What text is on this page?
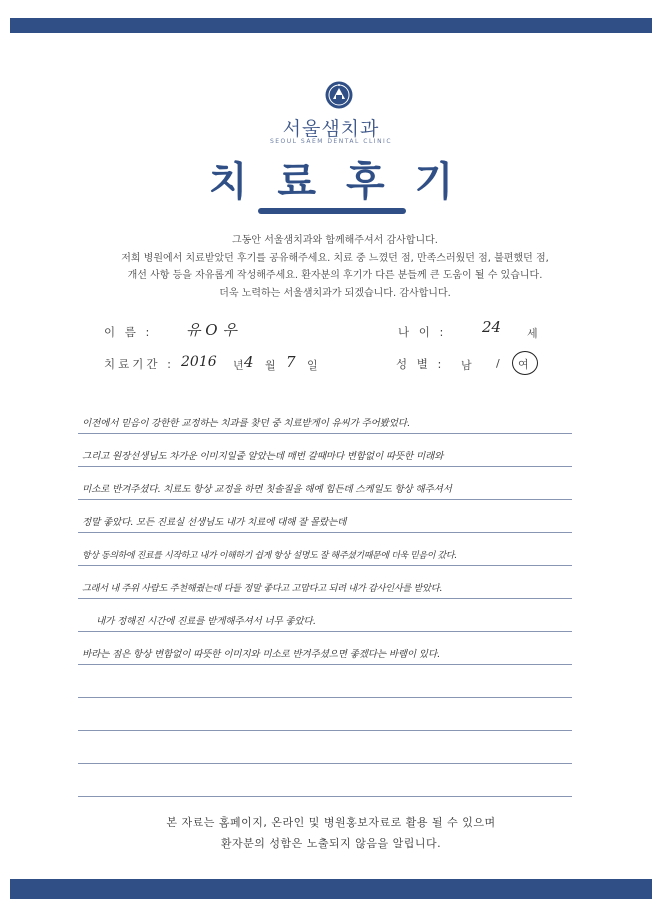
서울샘치과
SEOUL SAEM DENTAL CLINIC
치료후기
그동안 서울샘치과와 함께해주셔서 감사합니다.
저희 병원에서 치료받았던 후기를 공유해주세요. 치료 중 느꼈던 점, 만족스러웠던 점, 불편했던 점,
개선 사항 등을 자유롭게 작성해주세요. 환자분의 후기가 다른 분들께 큰 도움이 될 수 있습니다.
더욱 노력하는 서울샘치과가 되겠습니다. 감사합니다.
이 름 : 유 O 우	나 이 : 24 세
치료기간 : 2016 년 4 월 7 일	성 별 : 남 / 여
이전에서 믿음이 강한한 교정하는 치과를 찾던 중 치료받게이 유씨가 주어봤었다.
그리고 원장선생님도 차가운 이미지일줄 알았는데 매번 갈때마다 변함없이 따뜻한 미래와
미소로 반겨주셨다. 치료도 항상 교정을 하면 칫솔질을 해예 힘든데 스케일도 항상 해주셔서
정말 좋았다. 모든 진료실 선생님도 내가 치료에 대해 잘 몰랐는데
항상 동의하에 진료를 시작하고 내가 이해하기 쉽게 항상 설명도 잘 해주셨기때문에 더욱 믿음이 갔다.
그래서 내 주위 사람도 주천해줬는데 다들 정말 좋다고 고맙다고 되려 내가 감사인사를 받았다.
내가 정해진 시간에 진료를 받게해주셔서 너무 좋았다.
바라는 점은 항상 변함없이 따뜻한 이미지와 미소로 반겨주셨으면 좋겠다는 바램이 있다.
본 자료는 홈페이지, 온라인 및 병원홍보자료로 활용 될 수 있으며
환자분의 성함은 노출되지 않음을 알립니다.
